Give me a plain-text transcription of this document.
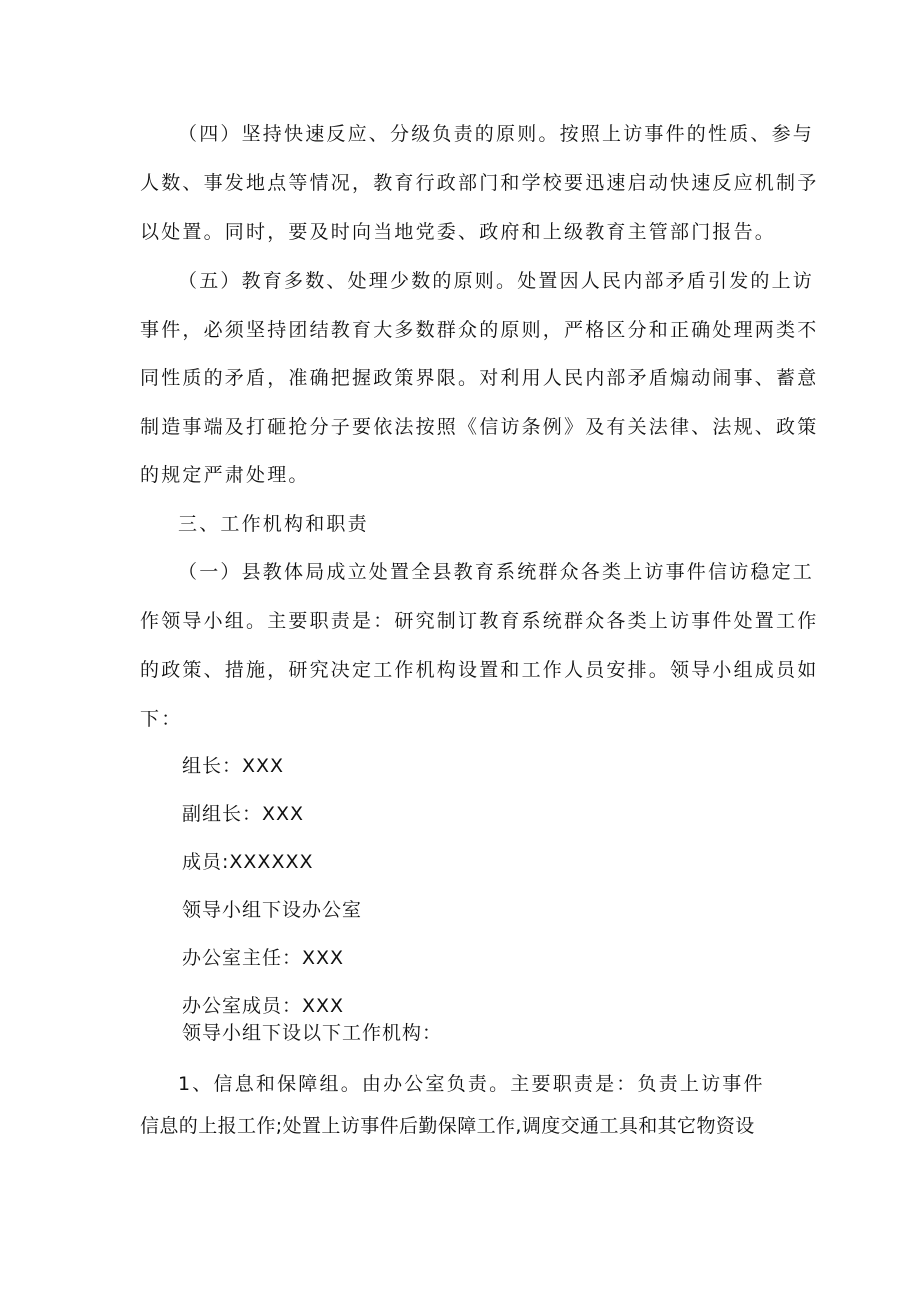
（四）坚持快速反应、分级负责的原则。按照上访事件的性质、参与
人数、事发地点等情况，教育行政部门和学校要迅速启动快速反应机制予
以处置。同时，要及时向当地党委、政府和上级教育主管部门报告。
（五）教育多数、处理少数的原则。处置因人民内部矛盾引发的上访
事件，必须坚持团结教育大多数群众的原则，严格区分和正确处理两类不
同性质的矛盾，准确把握政策界限。对利用人民内部矛盾煽动闹事、蓄意
制造事端及打砸抢分子要依法按照《信访条例》及有关法律、法规、政策
的规定严肃处理。
三、工作机构和职责
（一）县教体局成立处置全县教育系统群众各类上访事件信访稳定工
作领导小组。主要职责是：研究制订教育系统群众各类上访事件处置工作
的政策、措施，研究决定工作机构设置和工作人员安排。领导小组成员如
下：
组长：XXX
副组长：XXX
成员:XXXXXX
领导小组下设办公室
办公室主任：XXX
办公室成员：XXX
领导小组下设以下工作机构：
1、信息和保障组。由办公室负责。主要职责是：负责上访事件
信息的上报工作;处置上访事件后勤保障工作,调度交通工具和其它物资设
